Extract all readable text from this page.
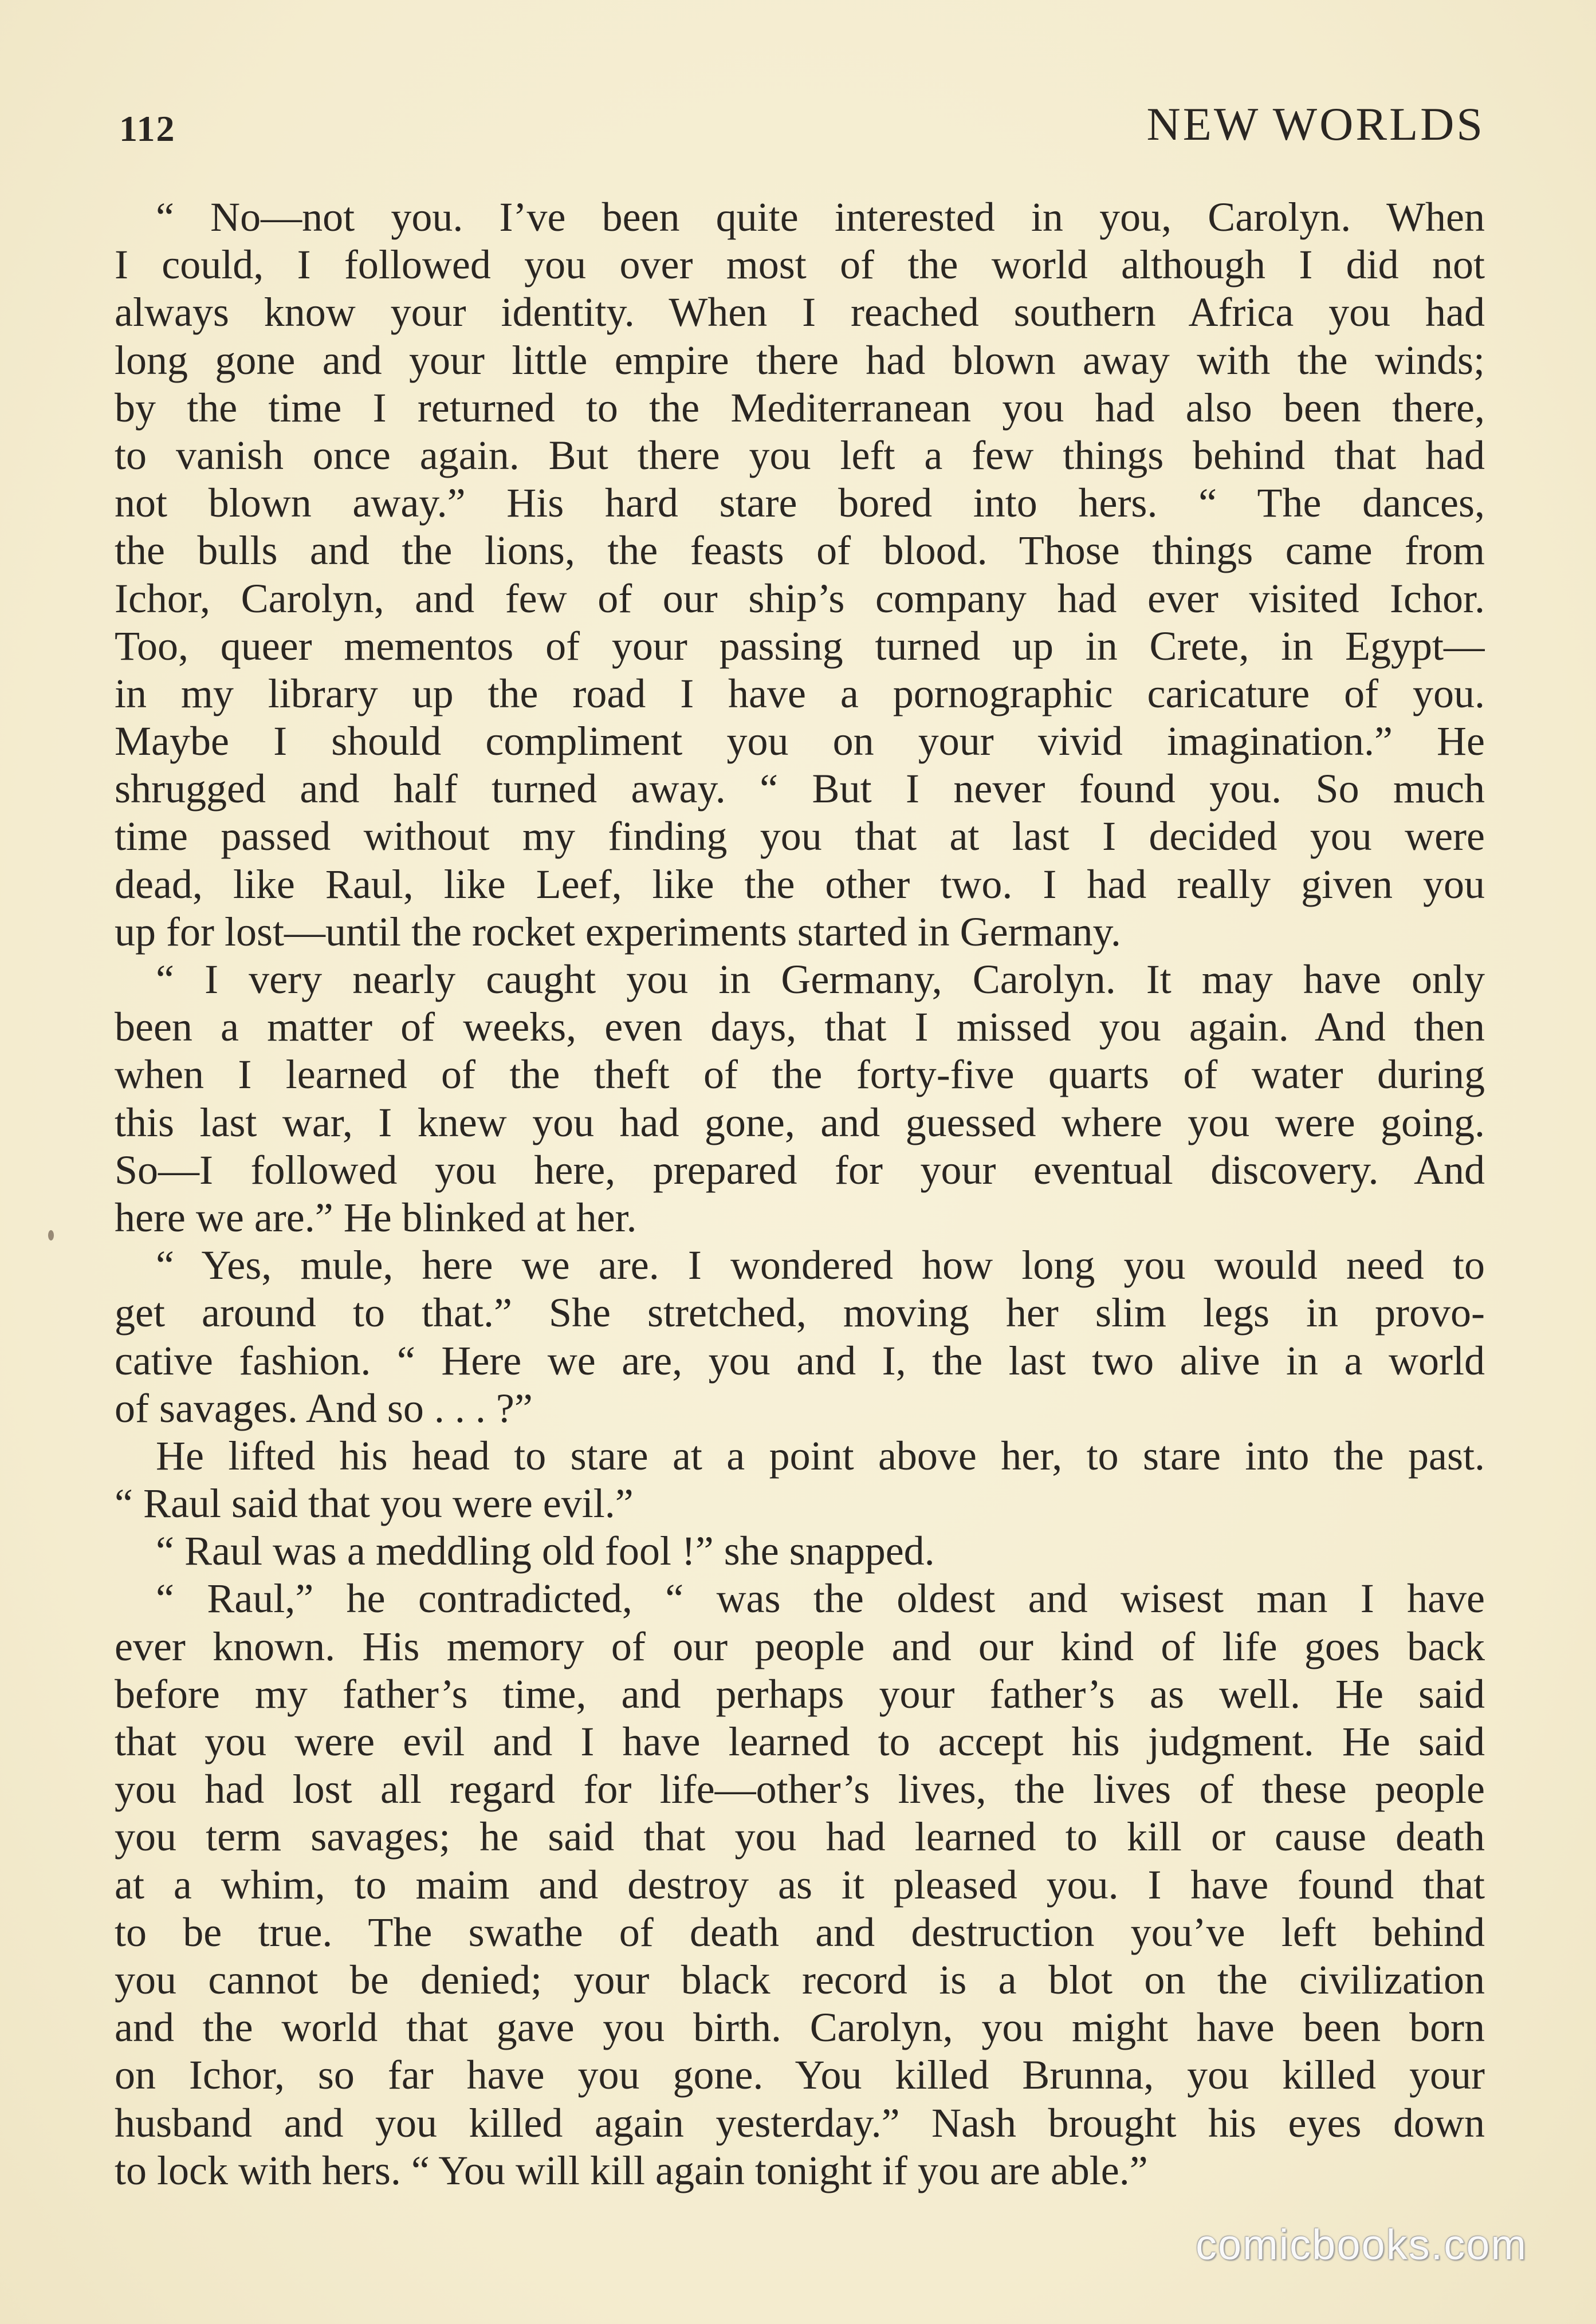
112	NEW WORLDS
“ No—not you. I’ve been quite interested in you, Carolyn. When
I could, I followed you over most of the world although I did not
always know your identity. When I reached southern Africa you had
long gone and your little empire there had blown away with the winds;
by the time I returned to the Mediterranean you had also been there,
to vanish once again. But there you left a few things behind that had
not blown away.” His hard stare bored into hers. “ The dances,
the bulls and the lions, the feasts of blood. Those things came from
Ichor, Carolyn, and few of our ship’s company had ever visited Ichor.
Too, queer mementos of your passing turned up in Crete, in Egypt—
in my library up the road I have a pornographic caricature of you.
Maybe I should compliment you on your vivid imagination.” He
shrugged and half turned away. “ But I never found you. So much
time passed without my finding you that at last I decided you were
dead, like Raul, like Leef, like the other two. I had really given you
up for lost—until the rocket experiments started in Germany.
“ I very nearly caught you in Germany, Carolyn. It may have only
been a matter of weeks, even days, that I missed you again. And then
when I learned of the theft of the forty-five quarts of water during
this last war, I knew you had gone, and guessed where you were going.
So—I followed you here, prepared for your eventual discovery. And
here we are.” He blinked at her.
“ Yes, mule, here we are. I wondered how long you would need to
get around to that.” She stretched, moving her slim legs in provo-
cative fashion. “ Here we are, you and I, the last two alive in a world
of savages. And so . . . ?”
He lifted his head to stare at a point above her, to stare into the past.
“ Raul said that you were evil.”
“ Raul was a meddling old fool !” she snapped.
“ Raul,” he contradicted, “ was the oldest and wisest man I have
ever known. His memory of our people and our kind of life goes back
before my father’s time, and perhaps your father’s as well. He said
that you were evil and I have learned to accept his judgment. He said
you had lost all regard for life—other’s lives, the lives of these people
you term savages; he said that you had learned to kill or cause death
at a whim, to maim and destroy as it pleased you. I have found that
to be true. The swathe of death and destruction you’ve left behind
you cannot be denied; your black record is a blot on the civilization
and the world that gave you birth. Carolyn, you might have been born
on Ichor, so far have you gone. You killed Brunna, you killed your
husband and you killed again yesterday.” Nash brought his eyes down
to lock with hers. “ You will kill again tonight if you are able.”
comicbooks.com
